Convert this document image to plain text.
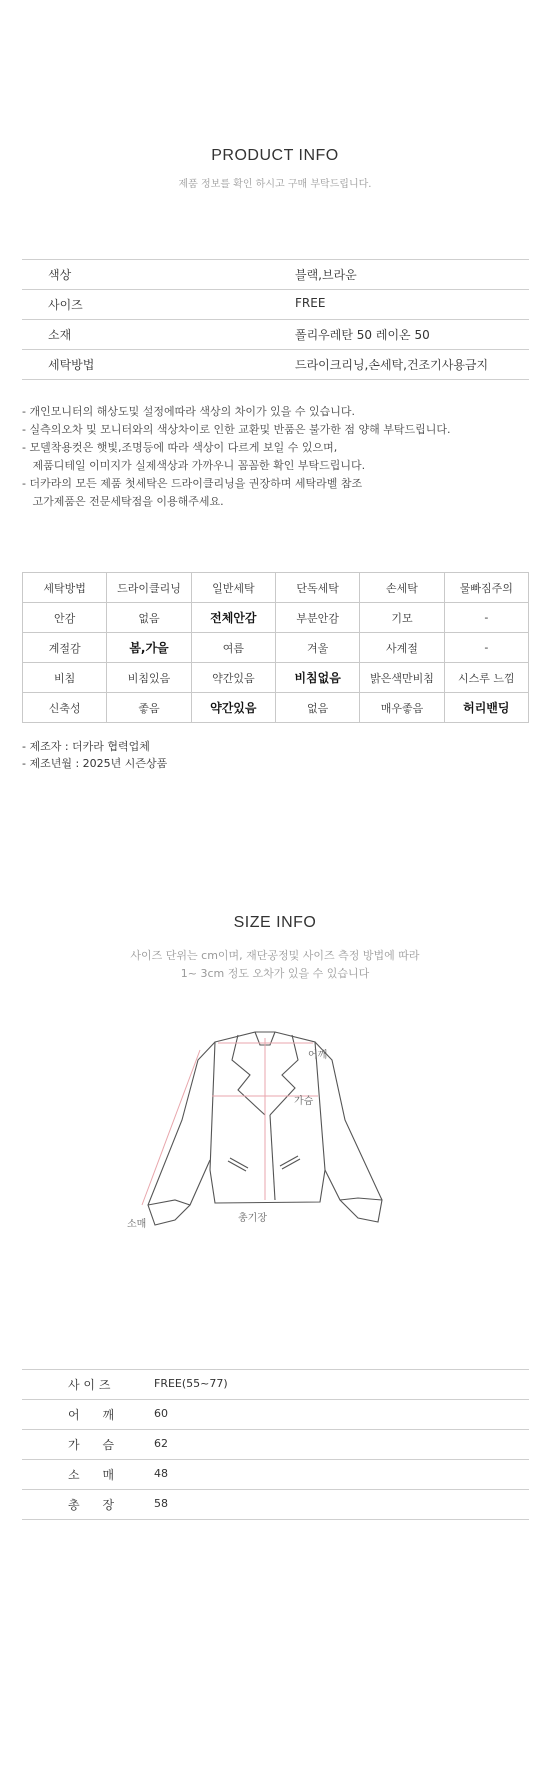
PRODUCT INFO
제품 정보를 확인 하시고 구매 부탁드립니다.
색상	블랙,브라운
사이즈	FREE
소재	폴리우레탄 50 레이온 50
세탁방법	드라이크리닝,손세탁,건조기사용금지
- 개인모니터의 해상도및 설정에따라 색상의 차이가 있을 수 있습니다.
- 실측의오차 및 모니터와의 색상차이로 인한 교환및 반품은 불가한 점 양해 부탁드립니다.
- 모델착용컷은 햇빛,조명등에 따라 색상이 다르게 보일 수 있으며,
제품디테일 이미지가 실제색상과 가까우니 꼼꼼한 확인 부탁드립니다.
- 더카라의 모든 제품 첫세탁은 드라이클리닝을 권장하며 세탁라벨 참조
고가제품은 전문세탁점을 이용해주세요.
세탁방법	드라이클리닝	일반세탁	단독세탁	손세탁	물빠짐주의
안감	없음	전체안감	부분안감	기모	-
계절감	봄,가을	여름	겨울	사계절	-
비침	비침있음	약간있음	비침없음	밝은색만비침	시스루 느낌
신축성	좋음	약간있음	없음	매우좋음	허리밴딩
- 제조자 : 더카라 협력업체
- 제조년월 : 2025년 시즌상품
SIZE INFO
사이즈 단위는 cm이며, 재단공정및 사이즈 측정 방법에 따라
1~ 3cm 정도 오차가 있을 수 있습니다
어깨
가슴
소매
총기장
사 이 즈	FREE(55~77)
어      깨	60
가      슴	62
소      매	48
총      장	58
